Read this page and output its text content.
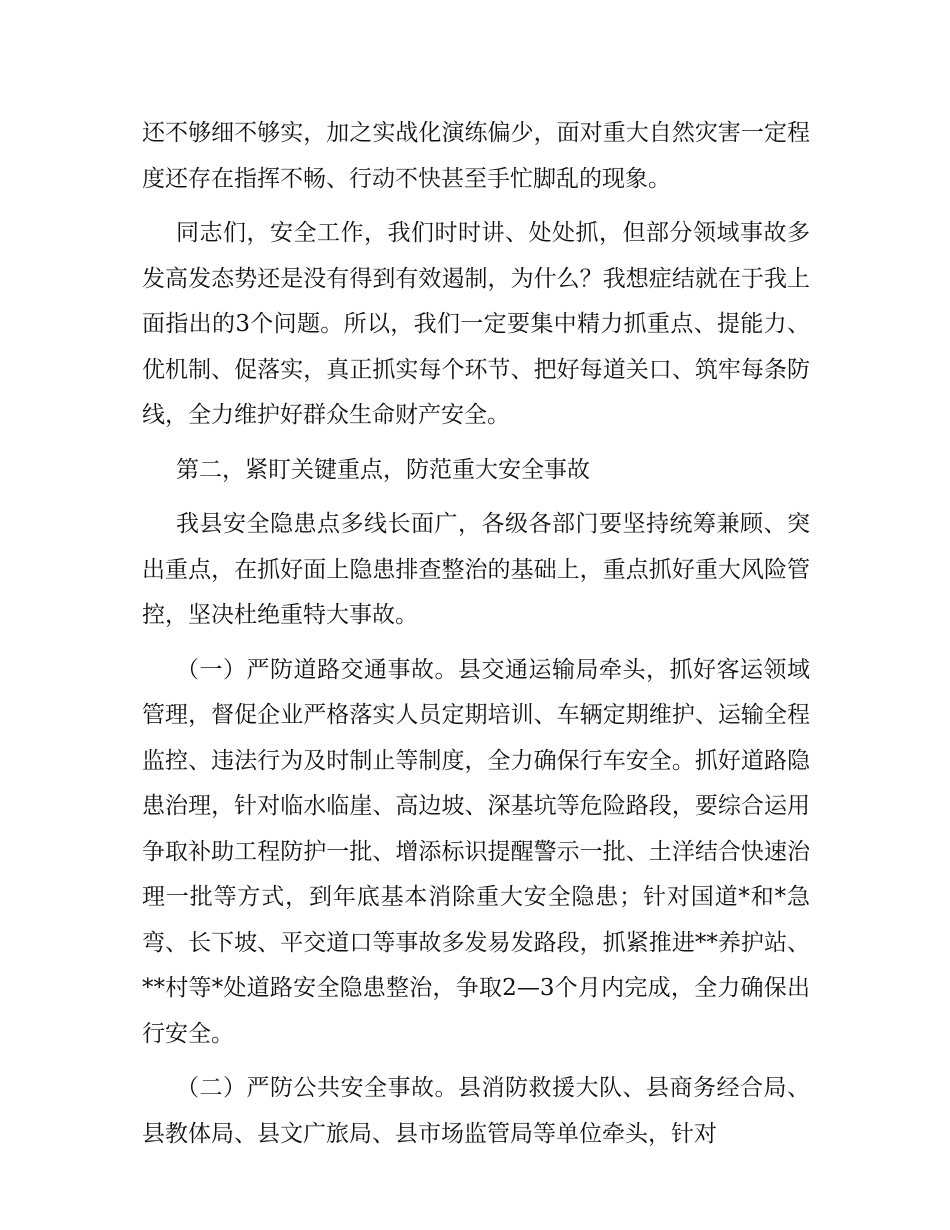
还不够细不够实，加之实战化演练偏少，面对重大自然灾害一定程度还存在指挥不畅、行动不快甚至手忙脚乱的现象。

同志们，安全工作，我们时时讲、处处抓，但部分领域事故多发高发态势还是没有得到有效遏制，为什么？我想症结就在于我上面指出的3个问题。所以，我们一定要集中精力抓重点、提能力、优机制、促落实，真正抓实每个环节、把好每道关口、筑牢每条防线，全力维护好群众生命财产安全。

第二，紧盯关键重点，防范重大安全事故

我县安全隐患点多线长面广，各级各部门要坚持统筹兼顾、突出重点，在抓好面上隐患排查整治的基础上，重点抓好重大风险管控，坚决杜绝重特大事故。

（一）严防道路交通事故。县交通运输局牵头，抓好客运领域管理，督促企业严格落实人员定期培训、车辆定期维护、运输全程监控、违法行为及时制止等制度，全力确保行车安全。抓好道路隐患治理，针对临水临崖、高边坡、深基坑等危险路段，要综合运用争取补助工程防护一批、增添标识提醒警示一批、土洋结合快速治理一批等方式，到年底基本消除重大安全隐患；针对国道*和*急弯、长下坡、平交道口等事故多发易发路段，抓紧推进**养护站、**村等*处道路安全隐患整治，争取2—3个月内完成，全力确保出行安全。

（二）严防公共安全事故。县消防救援大队、县商务经合局、县教体局、县文广旅局、县市场监管局等单位牵头，针对
